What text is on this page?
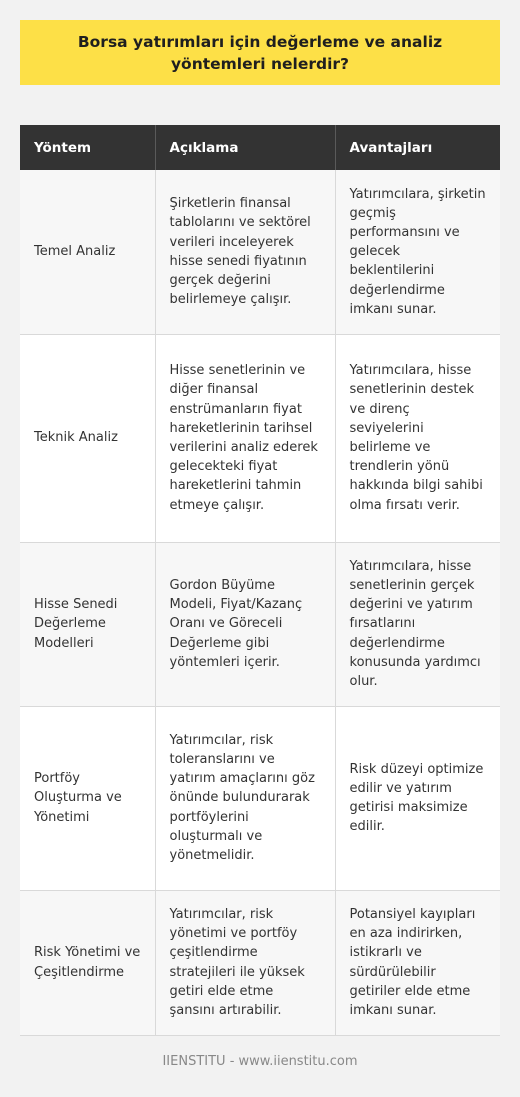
Borsa yatırımları için değerleme ve analiz yöntemleri nelerdir?
Yöntem	Açıklama	Avantajları
Temel Analiz	Şirketlerin finansal tablolarını ve sektörel verileri inceleyerek hisse senedi fiyatının gerçek değerini belirlemeye çalışır.	Yatırımcılara, şirketin geçmiş performansını ve gelecek beklentilerini değerlendirme imkanı sunar.
Teknik Analiz	Hisse senetlerinin ve diğer finansal enstrümanların fiyat hareketlerinin tarihsel verilerini analiz ederek gelecekteki fiyat hareketlerini tahmin etmeye çalışır.	Yatırımcılara, hisse senetlerinin destek ve direnç seviyelerini belirleme ve trendlerin yönü hakkında bilgi sahibi olma fırsatı verir.
Hisse Senedi Değerleme Modelleri	Gordon Büyüme Modeli, Fiyat/Kazanç Oranı ve Göreceli Değerleme gibi yöntemleri içerir.	Yatırımcılara, hisse senetlerinin gerçek değerini ve yatırım fırsatlarını değerlendirme konusunda yardımcı olur.
Portföy Oluşturma ve Yönetimi	Yatırımcılar, risk toleranslarını ve yatırım amaçlarını göz önünde bulundurarak portföylerini oluşturmalı ve yönetmelidir.	Risk düzeyi optimize edilir ve yatırım getirisi maksimize edilir.
Risk Yönetimi ve Çeşitlendirme	Yatırımcılar, risk yönetimi ve portföy çeşitlendirme stratejileri ile yüksek getiri elde etme şansını artırabilir.	Potansiyel kayıpları en aza indirirken, istikrarlı ve sürdürülebilir getiriler elde etme imkanı sunar.
IIENSTITU - www.iienstitu.com
